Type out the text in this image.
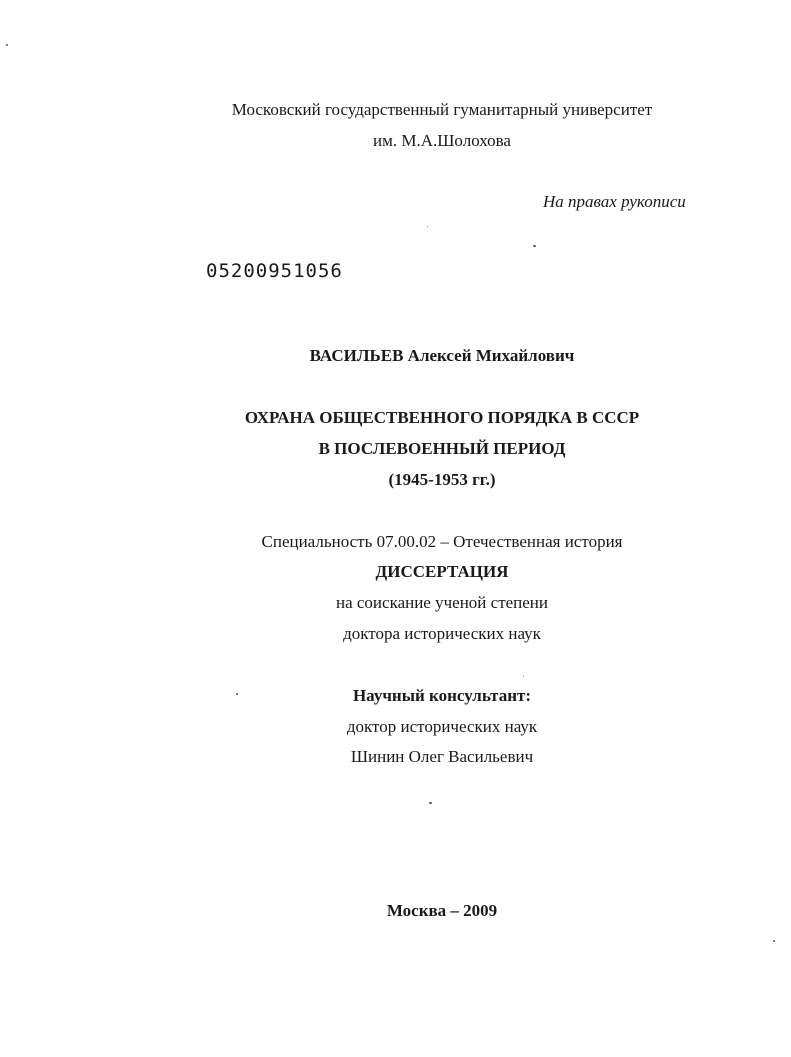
Московский государственный гуманитарный университет
им. М.А.Шолохова
На правах рукописи
05200951056
ВАСИЛЬЕВ Алексей Михайлович
ОХРАНА ОБЩЕСТВЕННОГО ПОРЯДКА В СССР
В ПОСЛЕВОЕННЫЙ ПЕРИОД
(1945-1953 гг.)
Специальность 07.00.02 – Отечественная история
ДИССЕРТАЦИЯ
на соискание ученой степени
доктора исторических наук
Научный консультант:
доктор исторических наук
Шинин Олег Васильевич
Москва – 2009
